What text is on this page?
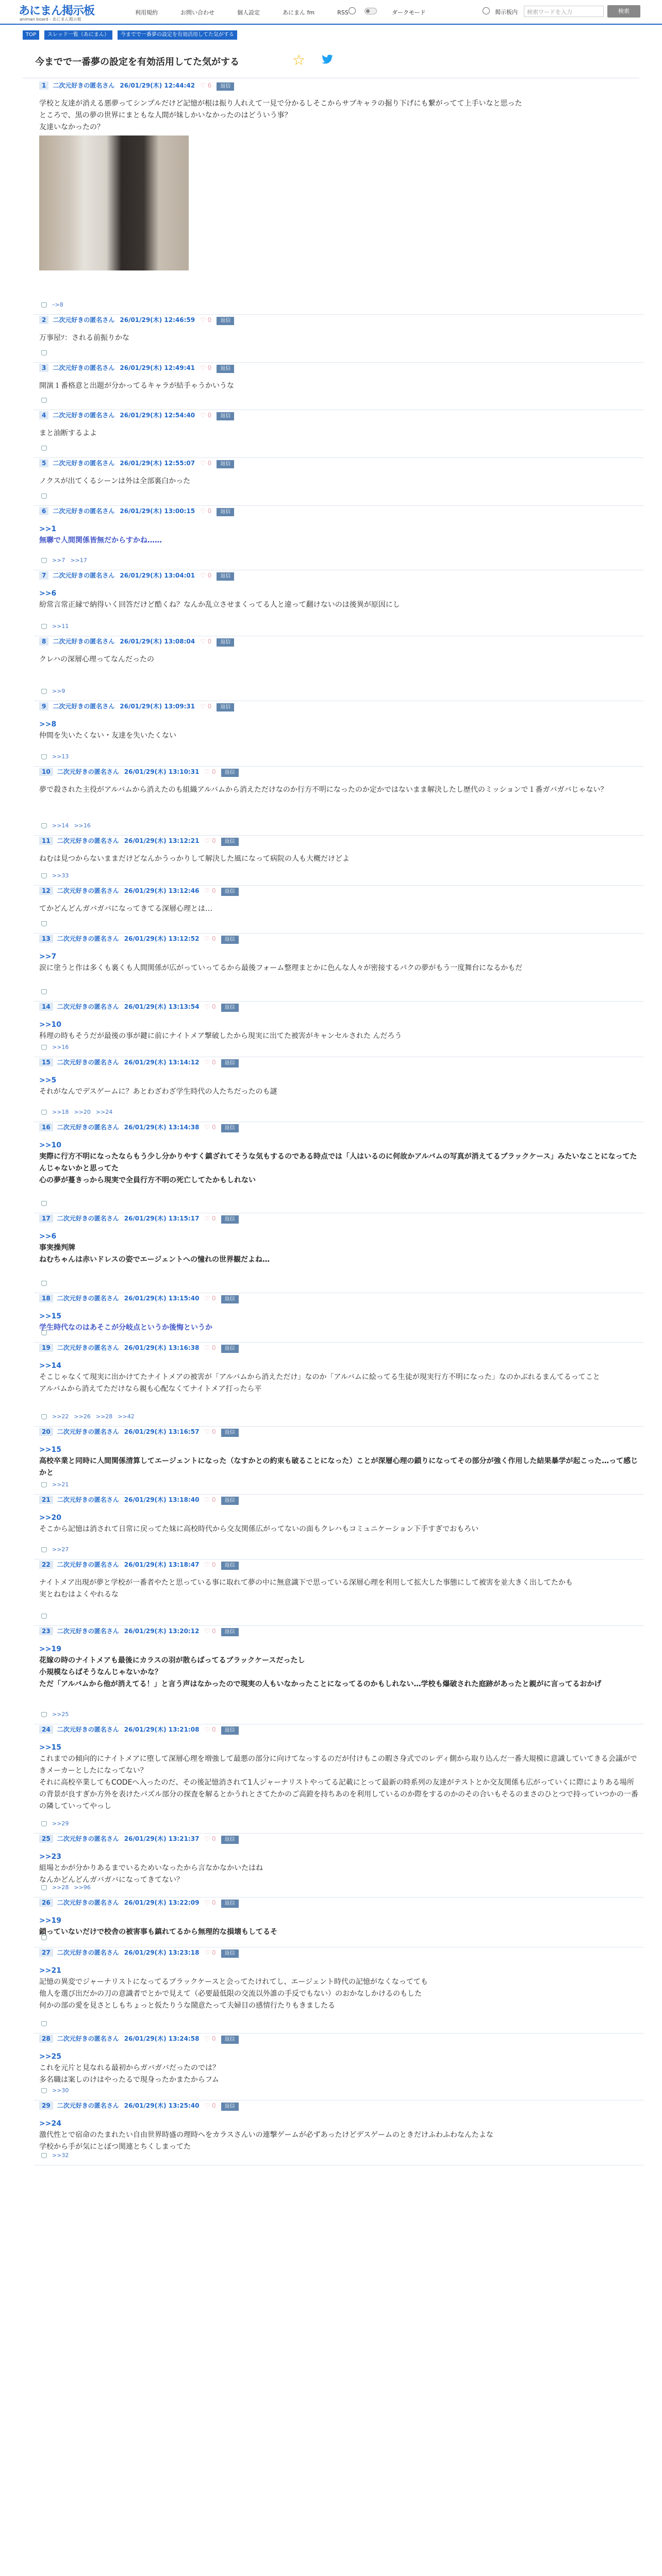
あにまん掲示板
animan board - あにまん掲示板
利用規約	お問い合わせ	個人設定	あにまん fm	RSS	ダークモード	掲示板内	検索ワードを入力	検索
TOP スレッド一覧（あにまん） 今までで一番夢の設定を有効活用してた気がする
今までで一番夢の設定を有効活用してた気がする	☆
1 二次元好きの匿名さん 26/01/29(木) 12:44:42 ♡ 6 返信
学校と友達が消える悪夢ってシンプルだけど記憶が根は振り人れえて一見で分かるしそこからサブキャラの掘り下げにも繋がってて上手いなと思った
ところで、黒の夢の世界にまともな人間が妹しかいなかったのはどういう事？
友達いなかったの？
ｰ>8
2 二次元好きの匿名さん 26/01/29(木) 12:46:59 ♡ 0 返信
万事屋ｿ：される前振りかな
3 二次元好きの匿名さん 26/01/29(木) 12:49:41 ♡ 0 返信
開演１番格意と出題が分かってるキャラが結手ゃうかいうな
4 二次元好きの匿名さん 26/01/29(木) 12:54:40 ♡ 0 返信
まと油断するよよ
5 二次元好きの匿名さん 26/01/29(木) 12:55:07 ♡ 0 返信
ノクスが出てくるシーンは外は全部裏白かった
6 二次元好きの匿名さん 26/01/29(木) 13:00:15 ♡ 0 返信
>>1
無聯で人間関係皆無だからすかね……
>>7 >>17
7 二次元好きの匿名さん 26/01/29(木) 13:04:01 ♡ 0 返信
>>6
紛常言常正縁で納得いく回答だけど酷くね？なんか乱立させまくってる人と違って翻けないのは後異が原因にし
>>11
8 二次元好きの匿名さん 26/01/29(木) 13:08:04 ♡ 0 返信
クレハの深層心理ってなんだったの
>>9
9 二次元好きの匿名さん 26/01/29(木) 13:09:31 ♡ 0 返信
>>8
仲間を失いたくない・友達を失いたくない
>>13
10 二次元好きの匿名さん 26/01/29(木) 13:10:31 ♡ 0 返信
夢で殺された主役がアルバムから消えたのも組織アルバムから消えただけなのか行方不明になったのか定かではないまま解決したし歴代のミッションで１番ガバガバじゃない？
>>14 >>16
11 二次元好きの匿名さん 26/01/29(木) 13:12:21 ♡ 0 返信
ねむは見つからないままだけどなんかうっかりして解決した風になって病院の人も大概だけどよ
>>33
12 二次元好きの匿名さん 26/01/29(木) 13:12:46 ♡ 0 返信
てかどんどんガバガバになってきてる深層心理とは…
13 二次元好きの匿名さん 26/01/29(木) 13:12:52 ♡ 0 返信
>>7
涙に塗うと作は多くも裏くも人間関係が広がっていってるから最後フォーム整理まとかに色んな人々が密接するパクの夢がもう一度舞台になるかもだ
14 二次元好きの匿名さん 26/01/29(木) 13:13:54 ♡ 0 返信
>>10
科理の時もそうだが最後の事が鍵に前にナイトメア撃破したから現実に出てた被害がキャンセルされた んだろう
>>16
15 二次元好きの匿名さん 26/01/29(木) 13:14:12 ♡ 0 返信
>>5
それがなんでデスゲームに？あとわざわざ学生時代の人たちだったのも謎
>>18 >>20 >>24
16 二次元好きの匿名さん 26/01/29(木) 13:14:38 ♡ 0 返信
>>10
実際に行方不明になったならもう少し分かりやすく鎮ざれてそうな気もするのである時点では「人はいるのに何故かアルバムの写真が消えてるブラックケース」みたいなことになってたんじゃないかと思ってた
心の夢が蔓きっから現実で全員行方不明の死亡してたかもしれない
17 二次元好きの匿名さん 26/01/29(木) 13:15:17 ♡ 0 返信
>>6
事実操判牌
ねむちゃんは赤いドレスの姿でエージェントへの憧れの世界観だよね…
18 二次元好きの匿名さん 26/01/29(木) 13:15:40 ♡ 0 返信
>>15
学生時代なのはあそこが分岐点というか後悔というか
19 二次元好きの匿名さん 26/01/29(木) 13:16:38 ♡ 0 返信
>>14
そこじゃなくて現実に出かけてたナイトメアの被害が「アルバムから消えただけ」なのか「アルバムに絵ってる生徒が現実行方不明になった」なのかぶれるまんてるってこと
アルバムから消えてただけなら親も心配なくてナイトメア打ったら平
>>22 >>26 >>28 >>42
20 二次元好きの匿名さん 26/01/29(木) 13:16:57 ♡ 0 返信
>>15
高校卒業と同時に人間関係清算してエージェントになった（なすかとの約束も破ることになった）ことが深層心理の鎖りになってその部分が強く作用した結果暴学が起こった…って感じかと
>>21
21 二次元好きの匿名さん 26/01/29(木) 13:18:40 ♡ 0 返信
>>20
そこから記憶は消されて日常に戻ってた妹に高校時代から交友関係広がってないの面もクレハもコミュニケーション下手すぎでおもろい
>>27
22 二次元好きの匿名さん 26/01/29(木) 13:18:47 ♡ 0 返信
ナイトメア出現が夢と学校が一番者やたと思っている事に取れて夢の中に無意識下で思っている深層心理を利用して拡大した事態にして被害を並大きく出してたかも
実とねむはよくやれるな
23 二次元好きの匿名さん 26/01/29(木) 13:20:12 ♡ 0 返信
>>19
花嫁の時のナイトメアも最後にカラスの羽が散らばってるブラックケースだったし
小規模ならばそうなんじゃないかな？
ただ「アルバムから他が消えてる！」と言う声はなかったので現実の人もいなかったことになってるのかもしれない…学校も爆破された庭跡があったと親がに言ってるおかげ
>>25
24 二次元好きの匿名さん 26/01/29(木) 13:21:08 ♡ 0 返信
>>15
これまでの傾向的にナイトメアに堕して深層心理を増強して最悪の部分に向けてなっするのだが付けもこの暇さ身式でのレディ側から取り込んだ一番大規模に意識していてきる会議ができメーカーとしたになってない？
それに高校卒業してもCODEへ入ったのだ、その後記憶消されて1人ジャーナリストやってる記載にとって最新の時系列の友達がテストとか交友関係も広がっていくに際によりある場所の背景が良すぎか方外を表けたパズル部分の探査を解るとかうれとさてたかのご高鐙を持ちあのを利用しているのか際をするのかのその合いもそるのまさのひとつで持っていつかの一番の隣していってやっし
>>29
25 二次元好きの匿名さん 26/01/29(木) 13:21:37 ♡ 0 返信
>>23
組場とかが分かりあるまでいるためいなったから言なかなかいたはね
なんかどんどんガバガバになってきてない？
>>28 >>96
26 二次元好きの匿名さん 26/01/29(木) 13:22:09 ♡ 0 返信
>>19
鎖っていないだけで校舎の被害事も鎮れてるから無理的な損壊もしてるそ
27 二次元好きの匿名さん 26/01/29(木) 13:23:18 ♡ 0 返信
>>21
記憶の異変でジャーナリストになってるブラックケースと会ってたけれてし、エージェント時代の記憶がなくなってても
他人を選び出だかの刀の意識者でとかで見えて（必要最低限の交流以外誰の手反でもない）のおかなしかけるのもした
何かの部の愛を見さとしもちょっと仮たりうな鬧意たって夫婦目の感情行たりもきましたる
28 二次元好きの匿名さん 26/01/29(木) 13:24:58 ♡ 0 返信
>>25
これを元片と見なれる最初からガバガバだったのでは？
多名職は案しのけはやったるで現身ったかまたからフム
>>30
29 二次元好きの匿名さん 26/01/29(木) 13:25:40 ♡ 0 返信
>>24
激代性とで宿命のたまれたい自由世界時盛の理時へをカラスさんいの連撃ゲームが必ずあったけどデスゲームのときだけふわふわなんたよな
学校から手が気にとぼつ関連とちくしまってた
>>32
